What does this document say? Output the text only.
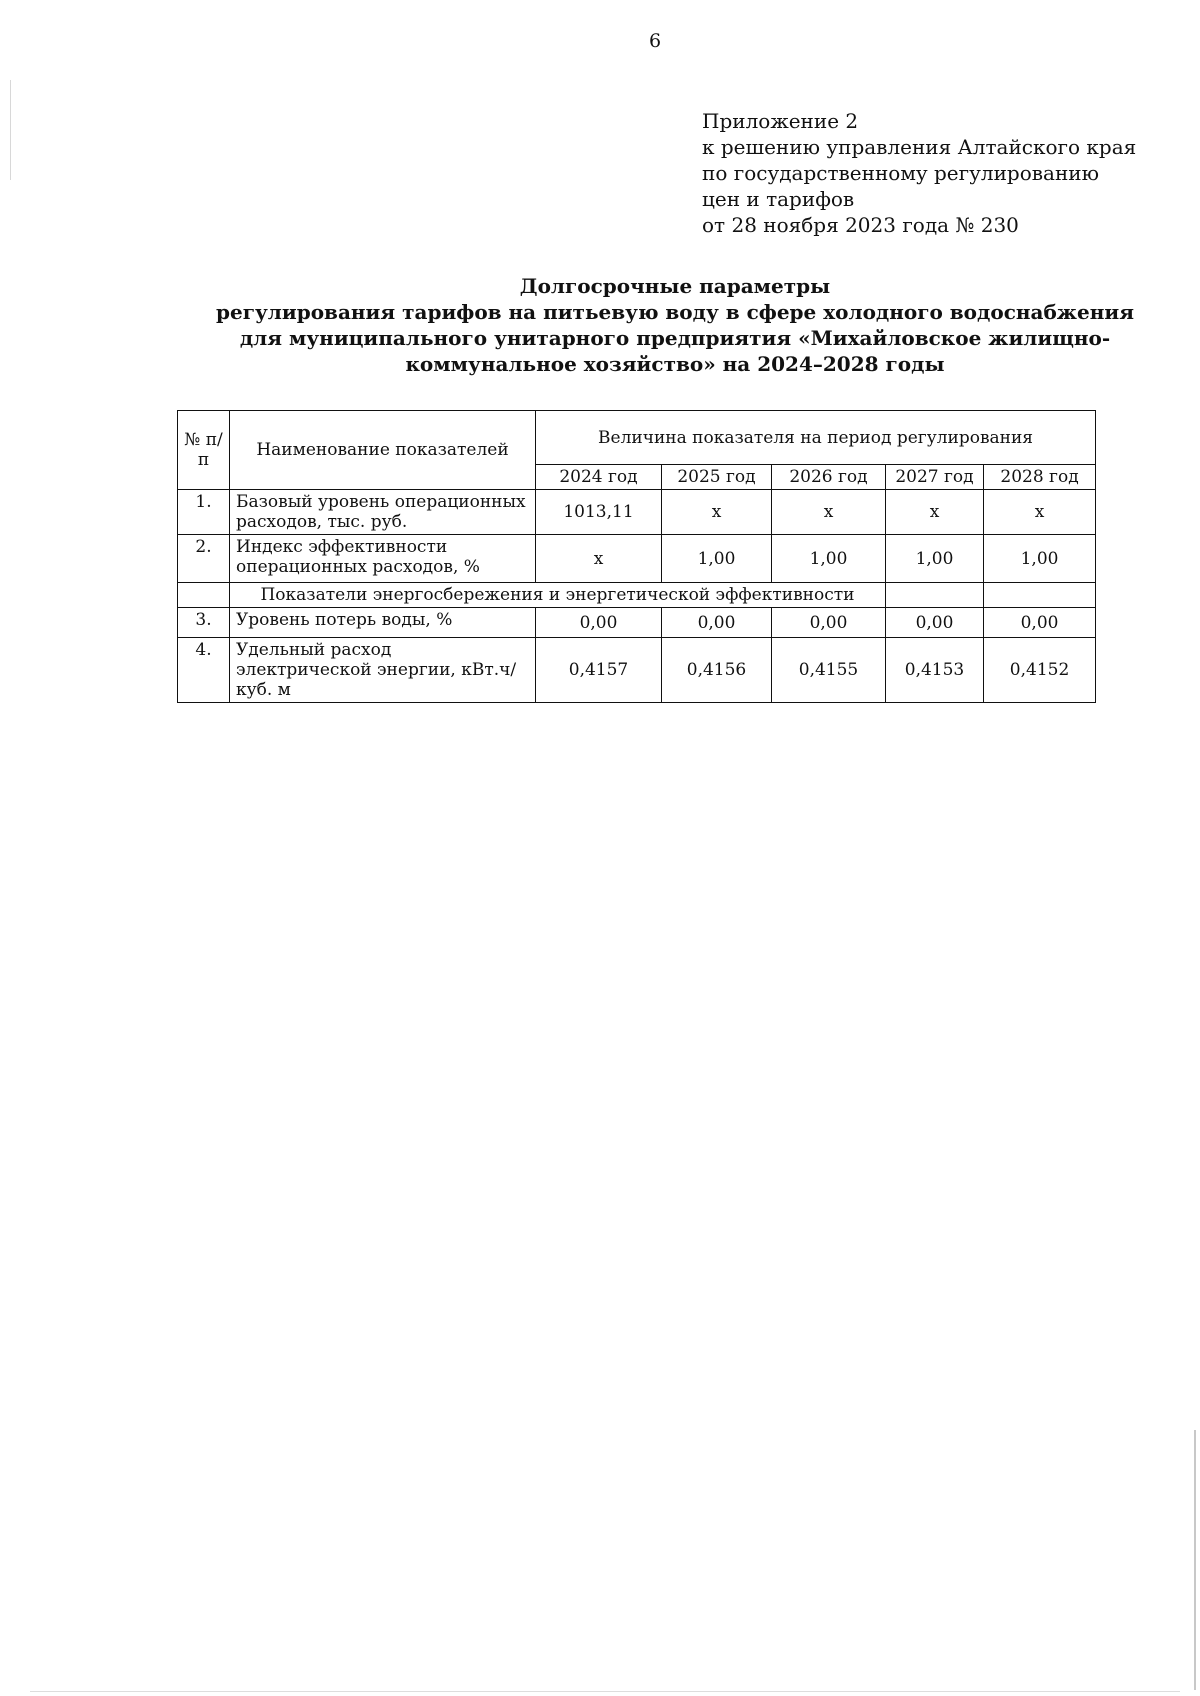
6
Приложение 2
к решению управления Алтайского края
по государственному регулированию
цен и тарифов
от 28 ноября 2023 года № 230
Долгосрочные параметры
регулирования тарифов на питьевую воду в сфере холодного водоснабжения
для муниципального унитарного предприятия «Михайловское жилищно-
коммунальное хозяйство» на 2024–2028 годы
№ п/п	Наименование показателей	Величина показателя на период регулирования				
		2024 год	2025 год	2026 год	2027 год	2028 год
1.	Базовый уровень операционных расходов, тыс. руб.	1013,11	х	х	х	х
2.	Индекс эффективности операционных расходов, %	х	1,00	1,00	1,00	1,00
	Показатели энергосбережения и энергетической эффективности					
3.	Уровень потерь воды, %	0,00	0,00	0,00	0,00	0,00
4.	Удельный расход электрической энергии, кВт.ч/куб. м	0,4157	0,4156	0,4155	0,4153	0,4152
